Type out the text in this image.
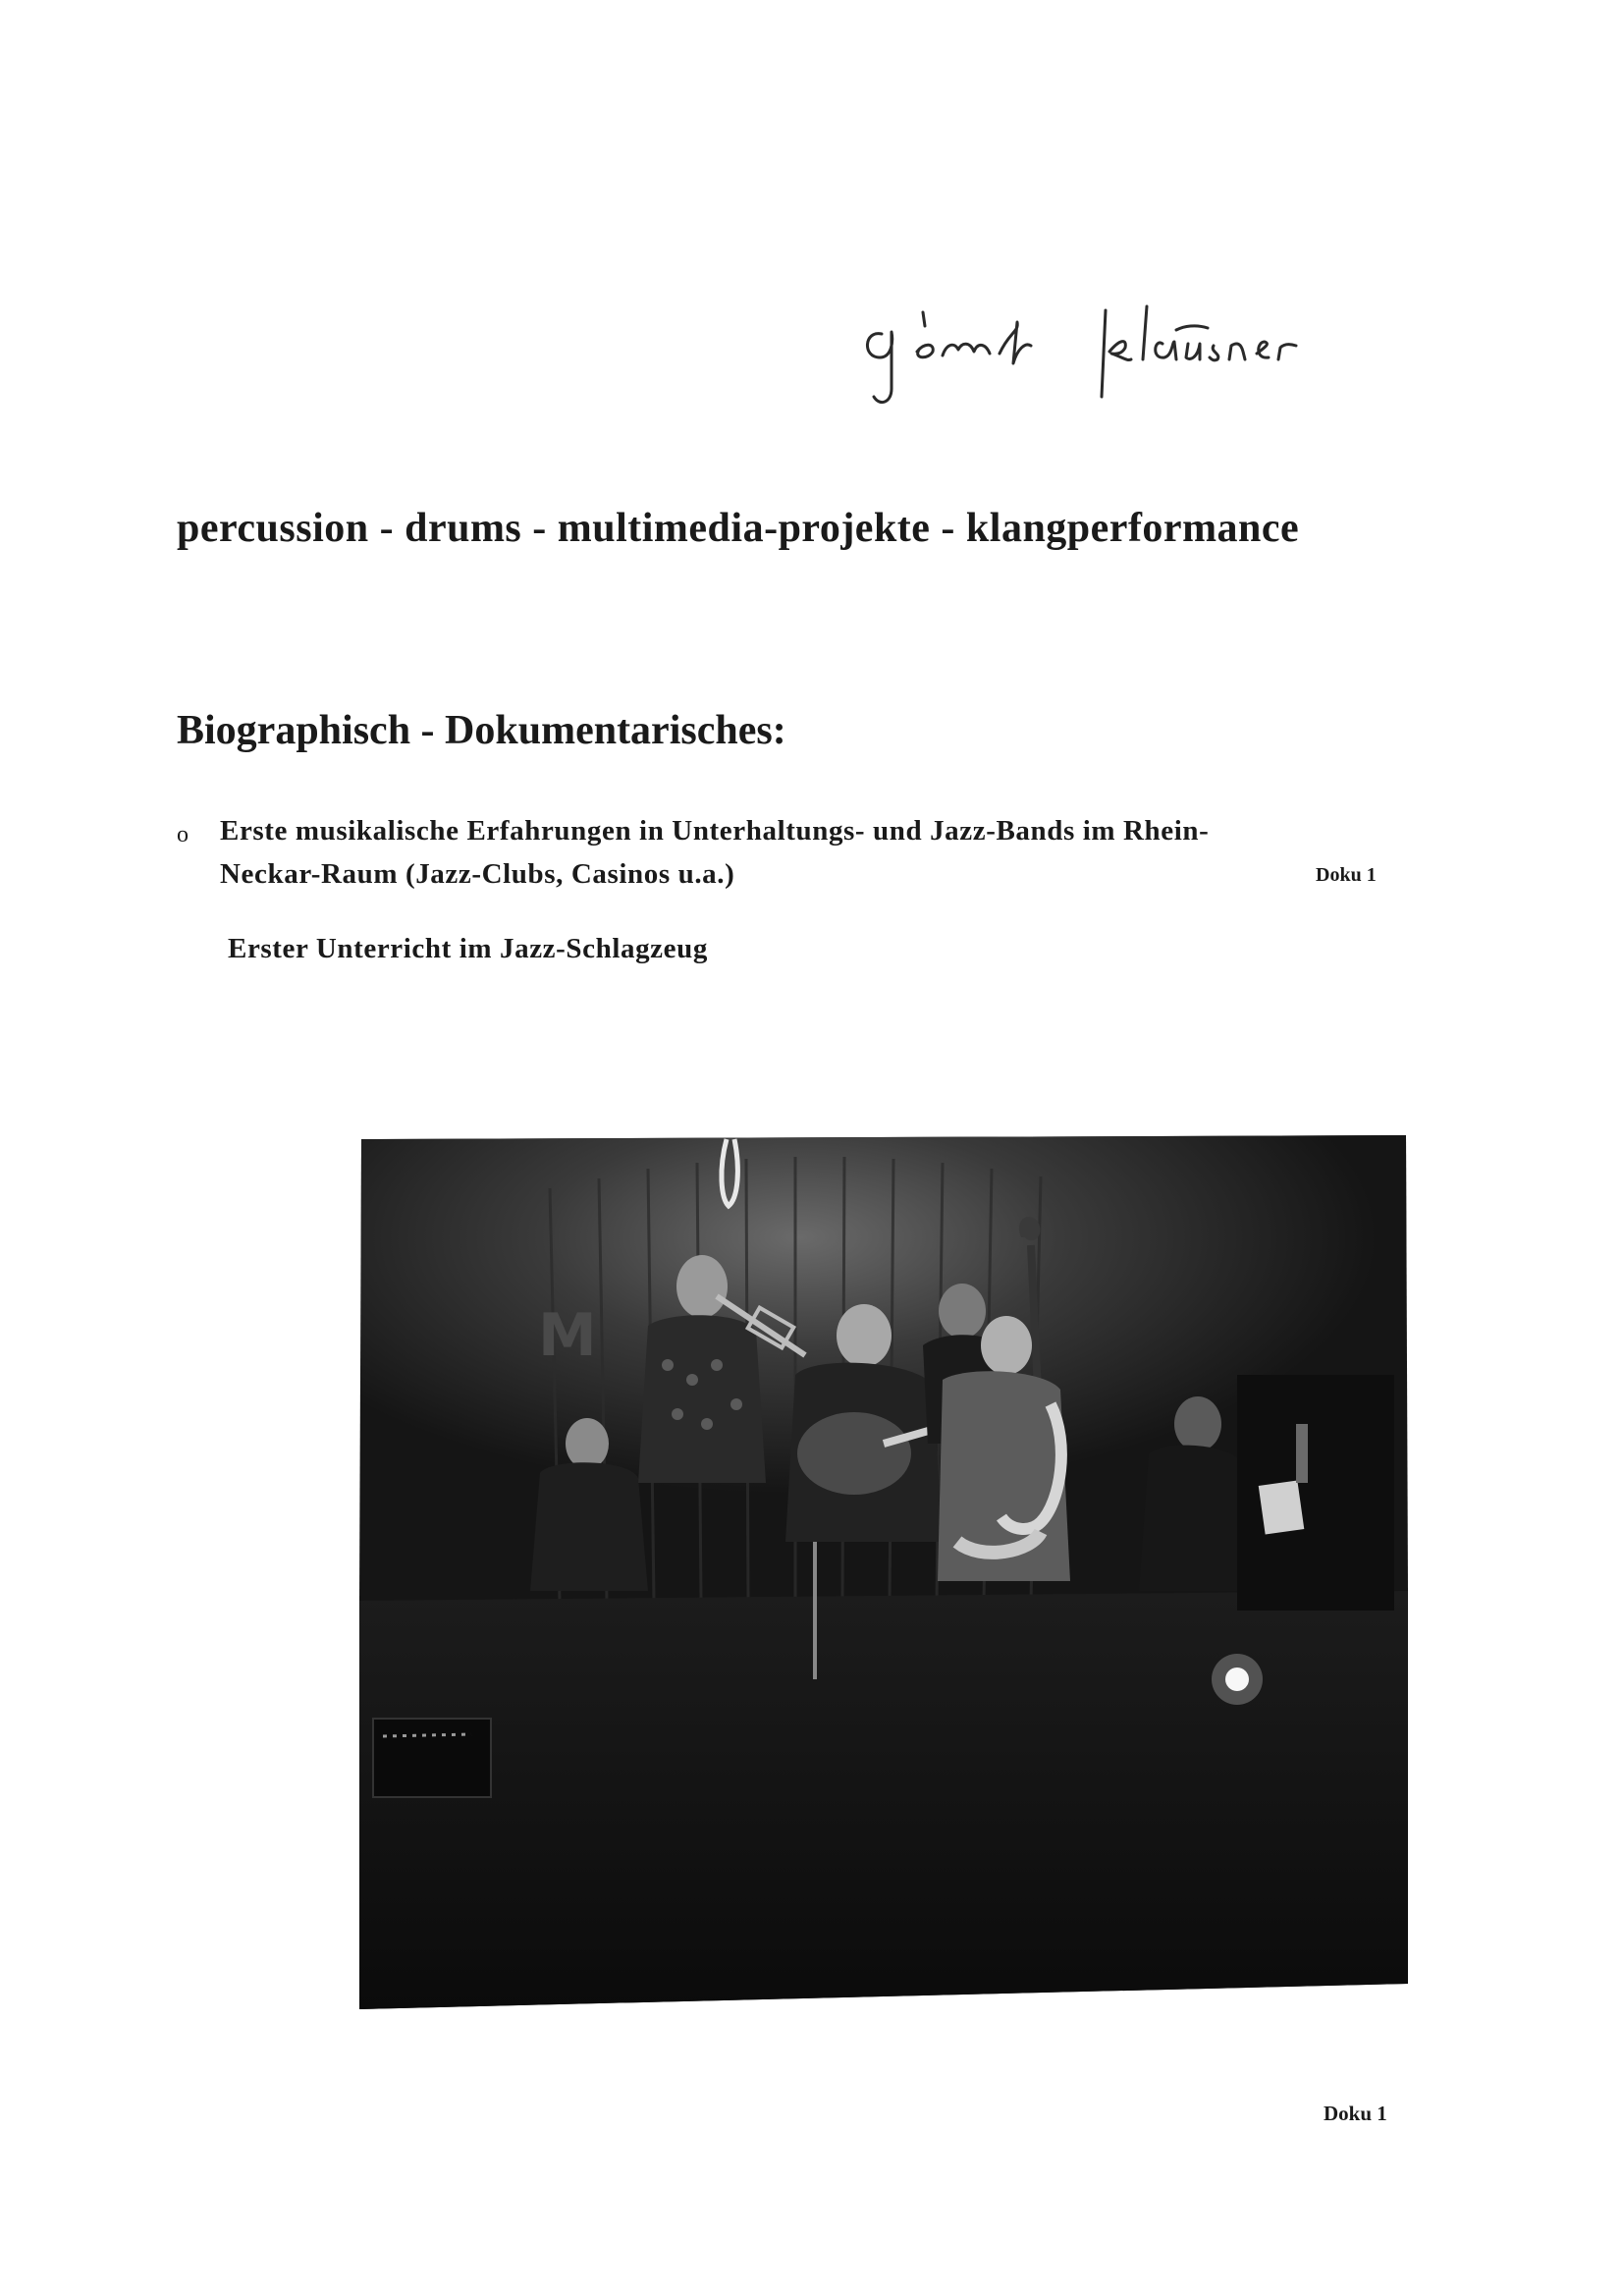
percussion - drums - multimedia-projekte - klangperformance
Biographisch - Dokumentarisches:
o Erste musikalische Erfahrungen in Unterhaltungs- und Jazz-Bands im Rhein-
Neckar-Raum (Jazz-Clubs, Casinos u.a.)	Doku 1
Erster Unterricht im Jazz-Schlagzeug
M
Doku 1
